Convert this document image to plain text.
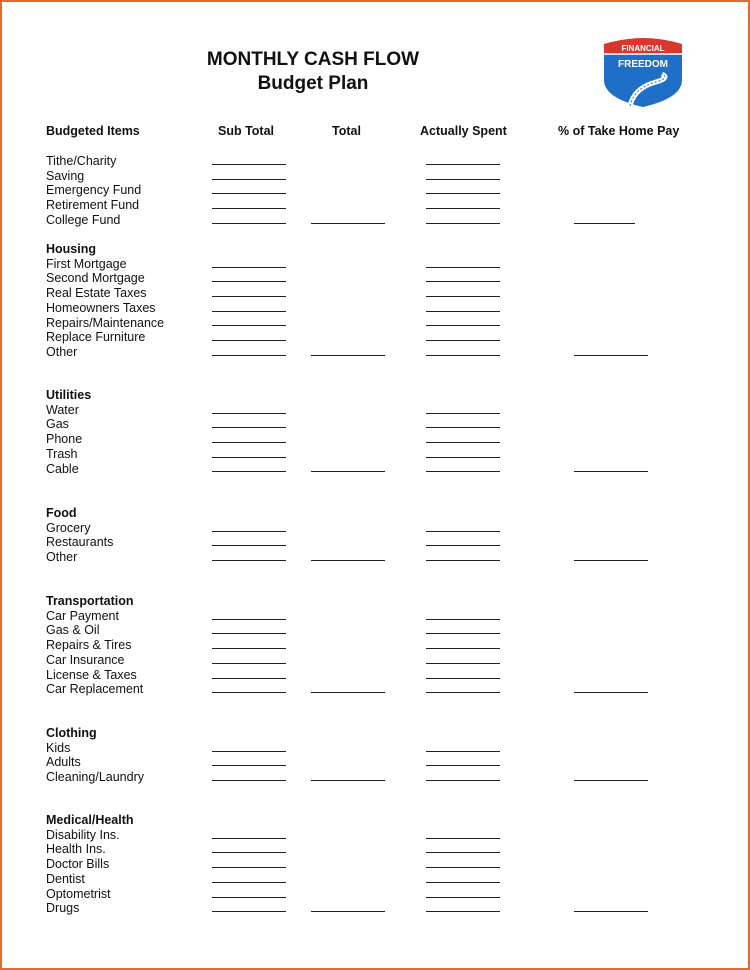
MONTHLY CASH FLOW
Budget Plan
FINANCIAL
FREEDOM
Budgeted Items	Sub Total	Total	Actually Spent	% of Take Home Pay
Tithe/Charity
Saving
Emergency Fund
Retirement Fund
College Fund
Housing
First Mortgage
Second Mortgage
Real Estate Taxes
Homeowners Taxes
Repairs/Maintenance
Replace Furniture
Other
Utilities
Water
Gas
Phone
Trash
Cable
Food
Grocery
Restaurants
Other
Transportation
Car Payment
Gas & Oil
Repairs & Tires
Car Insurance
License & Taxes
Car Replacement
Clothing
Kids
Adults
Cleaning/Laundry
Medical/Health
Disability Ins.
Health Ins.
Doctor Bills
Dentist
Optometrist
Drugs
